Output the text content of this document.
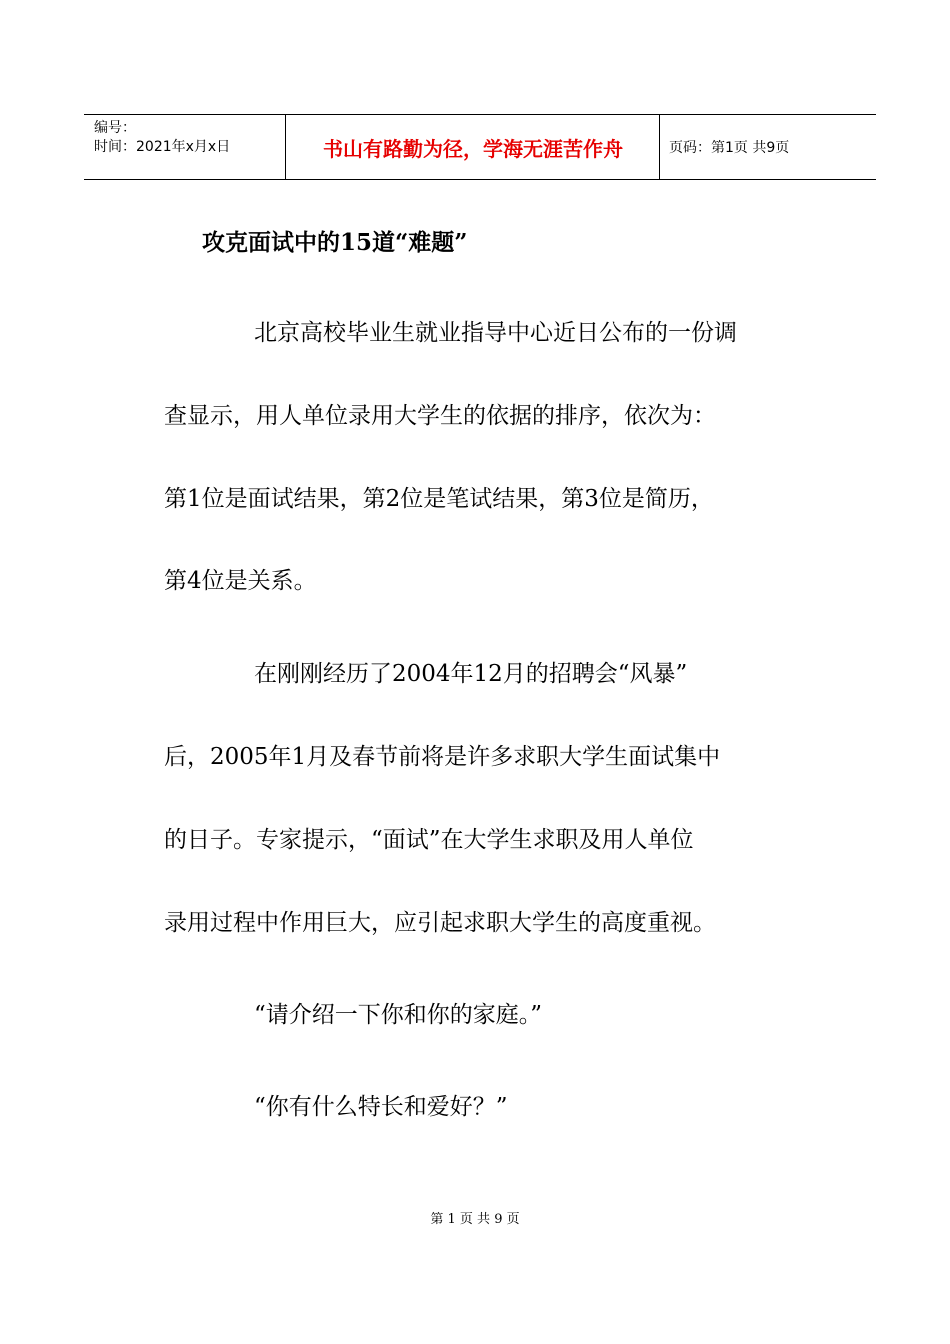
编号：
时间：2021年x月x日	书山有路勤为径，学海无涯苦作舟	页码：第1页 共9页
攻克面试中的15道“难题”
北京高校毕业生就业指导中心近日公布的一份调
查显示，用人单位录用大学生的依据的排序，依次为：
第1位是面试结果，第2位是笔试结果，第3位是简历，
第4位是关系。
在刚刚经历了2004年12月的招聘会“风暴”
后，2005年1月及春节前将是许多求职大学生面试集中
的日子。专家提示，“面试”在大学生求职及用人单位
录用过程中作用巨大，应引起求职大学生的高度重视。
“请介绍一下你和你的家庭。”
“你有什么特长和爱好？”
第 1 页 共 9 页
